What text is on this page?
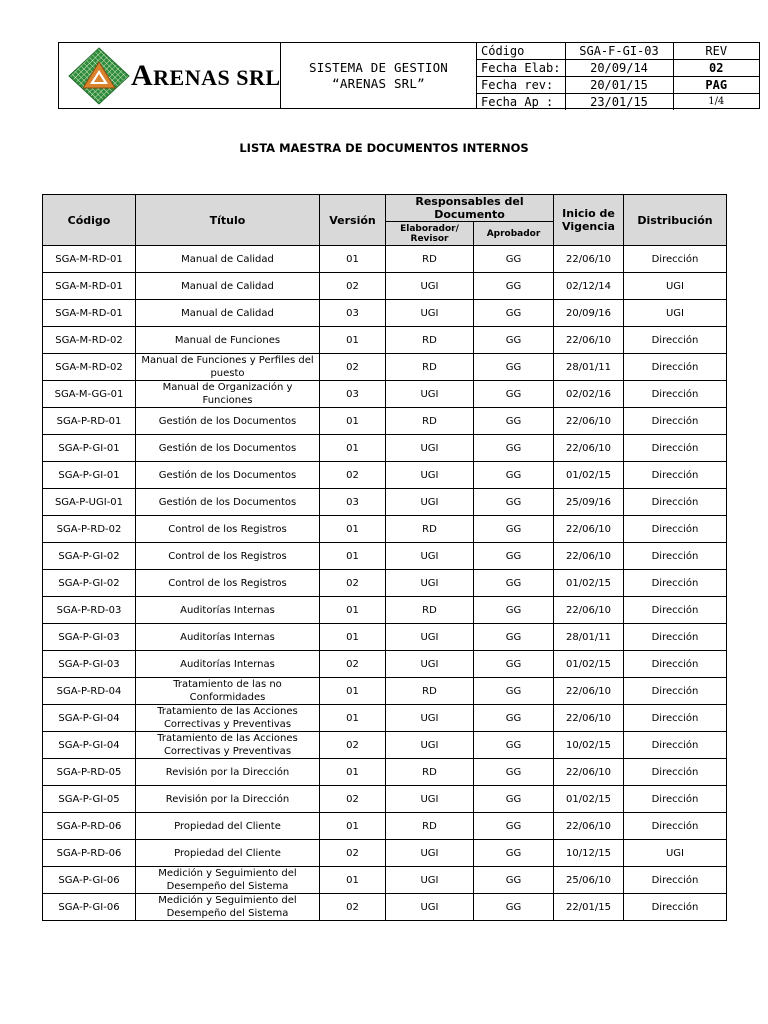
ARENAS SRL	SISTEMA DE GESTION
“ARENAS SRL”
Código	SGA-F-GI-03	REV
Fecha Elab:	20/09/14	02
Fecha rev:	20/01/15	PAG
Fecha Ap :	23/01/15	1/4
LISTA MAESTRA DE DOCUMENTOS INTERNOS
Código	Título	Versión	Responsables del Documento		Inicio de Vigencia	Distribución
			Elaborador/ Revisor	Aprobador		
SGA-M-RD-01	Manual de Calidad	01	RD	GG	22/06/10	Dirección
SGA-M-RD-01	Manual de Calidad	02	UGI	GG	02/12/14	UGI
SGA-M-RD-01	Manual de Calidad	03	UGI	GG	20/09/16	UGI
SGA-M-RD-02	Manual de Funciones	01	RD	GG	22/06/10	Dirección
SGA-M-RD-02	Manual de Funciones y Perfiles del puesto	02	RD	GG	28/01/11	Dirección
SGA-M-GG-01	Manual de Organización y Funciones	03	UGI	GG	02/02/16	Dirección
SGA-P-RD-01	Gestión de los Documentos	01	RD	GG	22/06/10	Dirección
SGA-P-GI-01	Gestión de los Documentos	01	UGI	GG	22/06/10	Dirección
SGA-P-GI-01	Gestión de los Documentos	02	UGI	GG	01/02/15	Dirección
SGA-P-UGI-01	Gestión de los Documentos	03	UGI	GG	25/09/16	Dirección
SGA-P-RD-02	Control de los Registros	01	RD	GG	22/06/10	Dirección
SGA-P-GI-02	Control de los Registros	01	UGI	GG	22/06/10	Dirección
SGA-P-GI-02	Control de los Registros	02	UGI	GG	01/02/15	Dirección
SGA-P-RD-03	Auditorías Internas	01	RD	GG	22/06/10	Dirección
SGA-P-GI-03	Auditorías Internas	01	UGI	GG	28/01/11	Dirección
SGA-P-GI-03	Auditorías Internas	02	UGI	GG	01/02/15	Dirección
SGA-P-RD-04	Tratamiento de las no Conformidades	01	RD	GG	22/06/10	Dirección
SGA-P-GI-04	Tratamiento de las Acciones Correctivas y Preventivas	01	UGI	GG	22/06/10	Dirección
SGA-P-GI-04	Tratamiento de las Acciones Correctivas y Preventivas	02	UGI	GG	10/02/15	Dirección
SGA-P-RD-05	Revisión por la Dirección	01	RD	GG	22/06/10	Dirección
SGA-P-GI-05	Revisión por la Dirección	02	UGI	GG	01/02/15	Dirección
SGA-P-RD-06	Propiedad del Cliente	01	RD	GG	22/06/10	Dirección
SGA-P-RD-06	Propiedad del Cliente	02	UGI	GG	10/12/15	UGI
SGA-P-GI-06	Medición y Seguimiento del Desempeño del Sistema	01	UGI	GG	25/06/10	Dirección
SGA-P-GI-06	Medición y Seguimiento del Desempeño del Sistema	02	UGI	GG	22/01/15	Dirección
